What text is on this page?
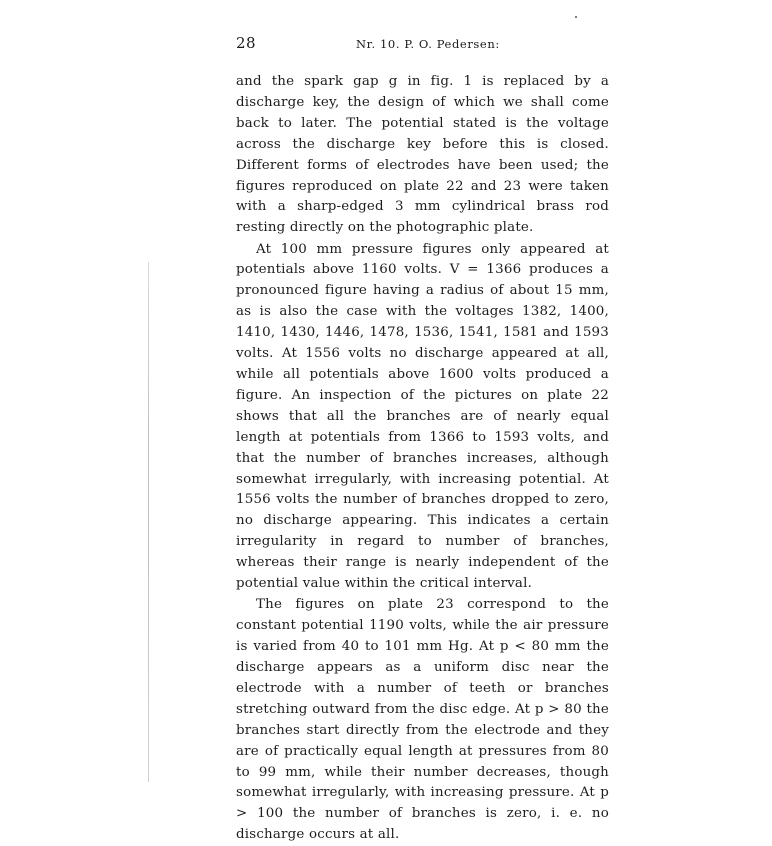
28	Nr. 10. P. O. Pedersen:

and the spark gap g in fig. 1 is replaced by a discharge key, the design of which we shall come back to later. The potential stated is the voltage across the discharge key before this is closed. Different forms of electrodes have been used; the figures reproduced on plate 22 and 23 were taken with a sharp-edged 3 mm cylindrical brass rod resting directly on the photographic plate.

At 100 mm pressure figures only appeared at potentials above 1160 volts. V = 1366 produces a pronounced figure having a radius of about 15 mm, as is also the case with the voltages 1382, 1400, 1410, 1430, 1446, 1478, 1536, 1541, 1581 and 1593 volts. At 1556 volts no discharge appeared at all, while all potentials above 1600 volts produced a figure. An inspection of the pictures on plate 22 shows that all the branches are of nearly equal length at potentials from 1366 to 1593 volts, and that the number of branches increases, although somewhat irregularly, with increasing potential. At 1556 volts the number of branches dropped to zero, no discharge appearing. This indicates a certain irregularity in regard to number of branches, whereas their range is nearly independent of the potential value within the critical interval.

The figures on plate 23 correspond to the constant potential 1190 volts, while the air pressure is varied from 40 to 101 mm Hg. At p < 80 mm the discharge appears as a uniform disc near the electrode with a number of teeth or branches stretching outward from the disc edge. At p > 80 the branches start directly from the electrode and they are of practically equal length at pressures from 80 to 99 mm, while their number decreases, though somewhat irregularly, with increasing pressure. At p > 100 the number of branches is zero, i. e. no discharge occurs at all.
